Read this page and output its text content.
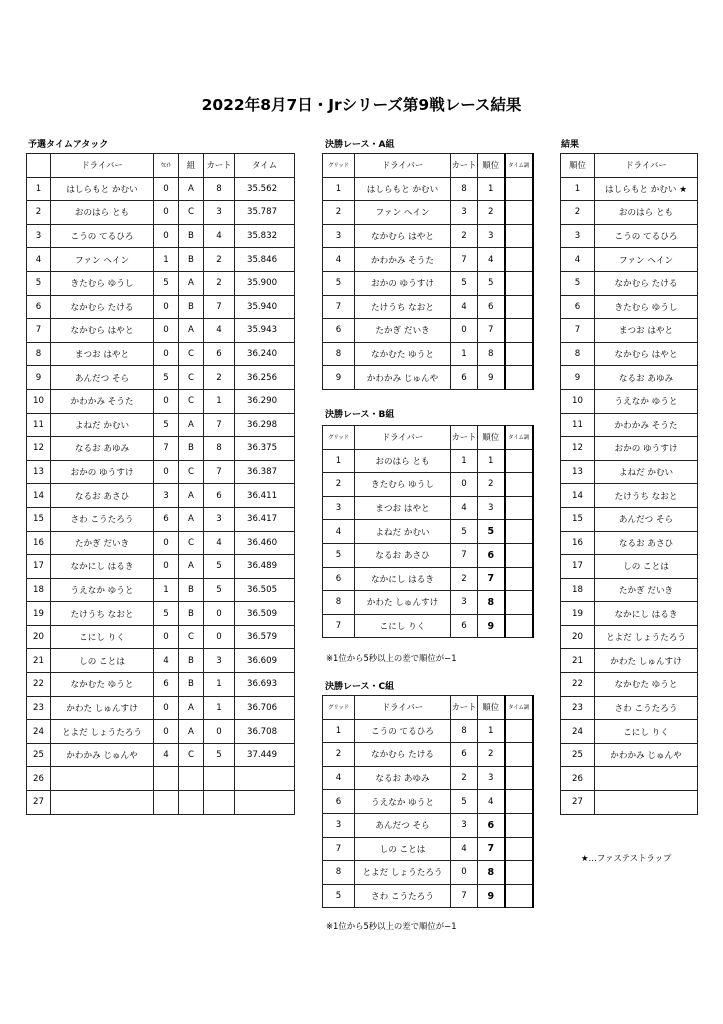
2022年8月7日・Jrシリーズ第9戦レース結果
予選タイムアタック	決勝レース・A組	結果
決勝レース・B組
決勝レース・C組
	ドライバー	ｳｴｲﾄ	組	カート	タイム
1	はしらもと かむい	0	A	8	35.562
2	おのはら とも	0	C	3	35.787
3	こうの てるひろ	0	B	4	35.832
4	ファン ヘイン	1	B	2	35.846
5	きたむら ゆうし	5	A	2	35.900
6	なかむら たける	0	B	7	35.940
7	なかむら はやと	0	A	4	35.943
8	まつお はやと	0	C	6	36.240
9	あんだつ そら	5	C	2	36.256
10	かわかみ そうた	0	C	1	36.290
11	よねだ かむい	5	A	7	36.298
12	なるお あゆみ	7	B	8	36.375
13	おかの ゆうすけ	0	C	7	36.387
14	なるお あさひ	3	A	6	36.411
15	さわ こうたろう	6	A	3	36.417
16	たかぎ だいき	0	C	4	36.460
17	なかにし はるき	0	A	5	36.489
18	うえなか ゆうと	1	B	5	36.505
19	たけうち なおと	5	B	0	36.509
20	こにし りく	0	C	0	36.579
21	しの ことは	4	B	3	36.609
22	なかむた ゆうと	6	B	1	36.693
23	かわた しゅんすけ	0	A	1	36.706
24	とよだ しょうたろう	0	A	0	36.708
25	かわかみ じゅんや	4	C	5	37.449
26					
27					
グリッド	ドライバー	カート	順位	タイム調
1	はしらもと かむい	8	1	
2	ファン ヘイン	3	2	
3	なかむら はやと	2	3	
4	かわかみ そうた	7	4	
5	おかの ゆうすけ	5	5	
7	たけうち なおと	4	6	
6	たかぎ だいき	0	7	
8	なかむた ゆうと	1	8	
9	かわかみ じゅんや	6	9	
グリッド	ドライバー	カート	順位	タイム調
1	おのはら とも	1	1	
2	きたむら ゆうし	0	2	
3	まつお はやと	4	3	
4	よねだ かむい	5	5	
5	なるお あさひ	7	6	
6	なかにし はるき	2	7	
8	かわた しゅんすけ	3	8	
7	こにし りく	6	9	
※1位から5秒以上の差で順位が−1
グリッド	ドライバー	カート	順位	タイム調
1	こうの てるひろ	8	1	
2	なかむら たける	6	2	
4	なるお あゆみ	2	3	
6	うえなか ゆうと	5	4	
3	あんだつ そら	3	6	
7	しの ことは	4	7	
8	とよだ しょうたろう	0	8	
5	さわ こうたろう	7	9	
※1位から5秒以上の差で順位が−1
順位	ドライバー
1	はしらもと かむい ★
2	おのはら とも
3	こうの てるひろ
4	ファン ヘイン
5	なかむら たける
6	きたむら ゆうし
7	まつお はやと
8	なかむら はやと
9	なるお あゆみ
10	うえなか ゆうと
11	かわかみ そうた
12	おかの ゆうすけ
13	よねだ かむい
14	たけうち なおと
15	あんだつ そら
16	なるお あさひ
17	しの ことは
18	たかぎ だいき
19	なかにし はるき
20	とよだ しょうたろう
21	かわた しゅんすけ
22	なかむた ゆうと
23	さわ こうたろう
24	こにし りく
25	かわかみ じゅんや
26	
27	
★…ファステストラップ
